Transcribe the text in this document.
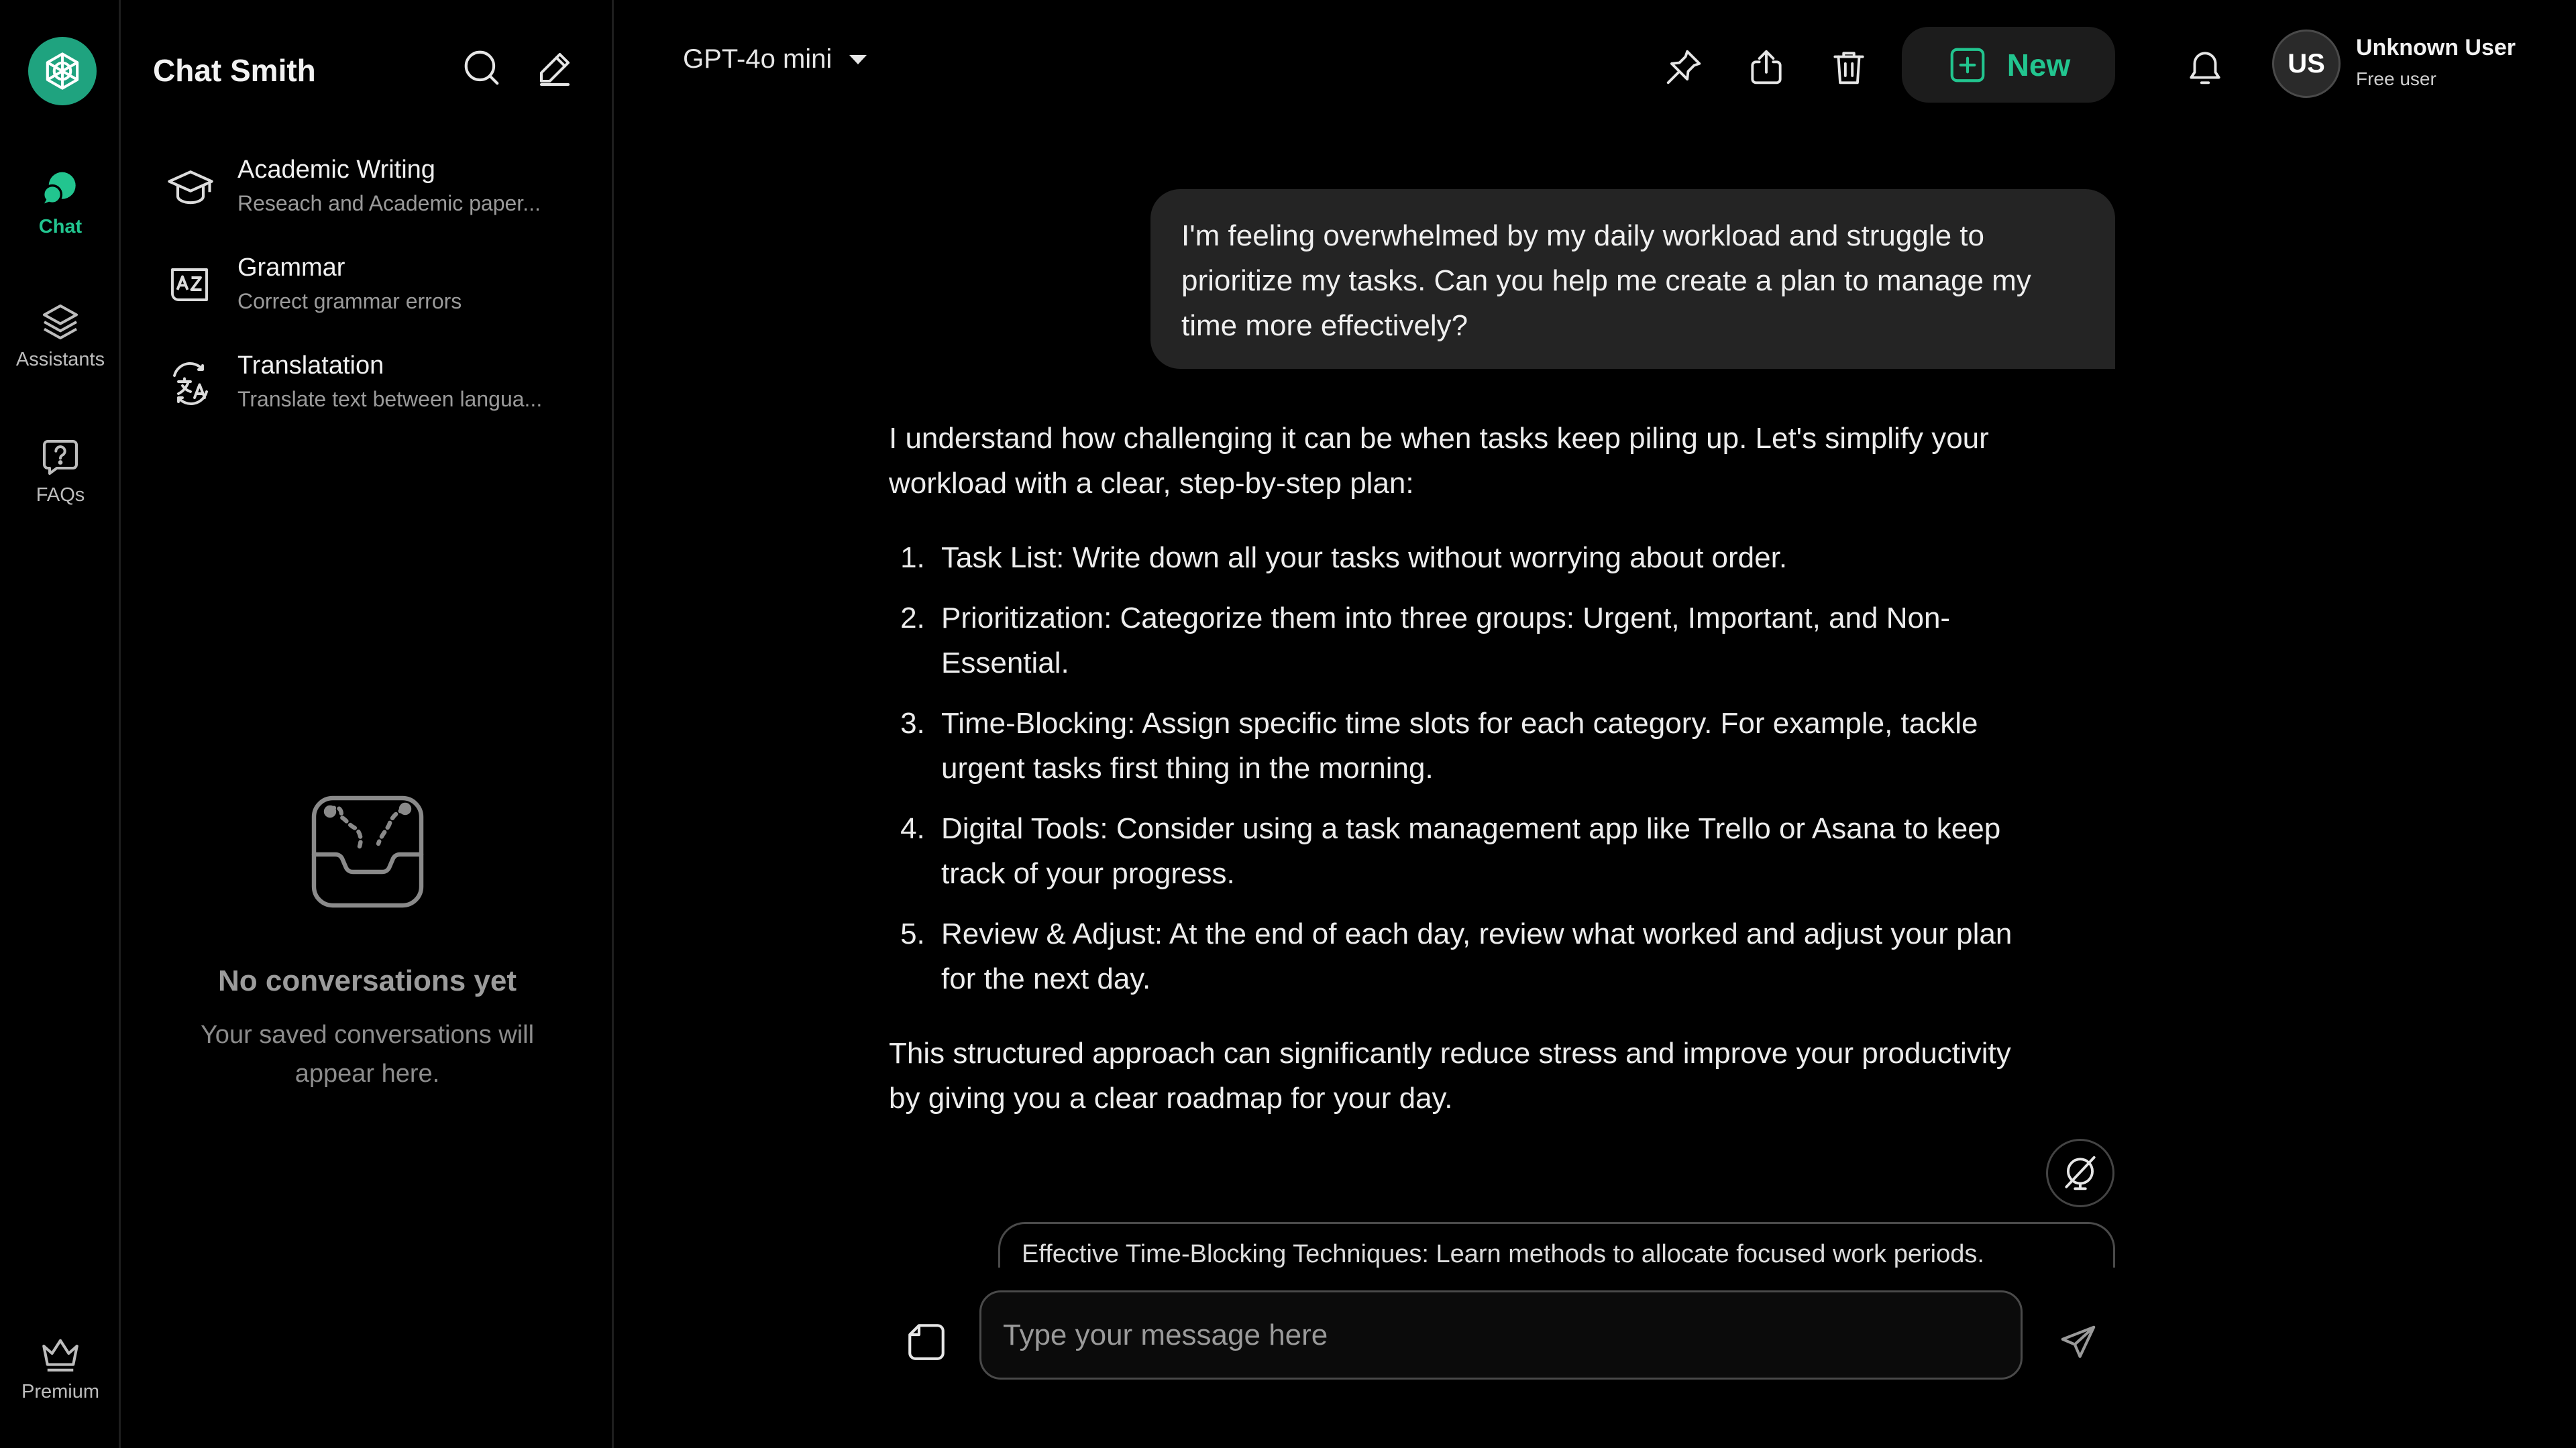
Chat
Assistants
FAQs
Premium
Chat Smith
Academic Writing
Reseach and Academic paper...
Grammar
Correct grammar errors
Translatation
Translate text between langua...
No conversations yet
Your saved conversations will
appear here.
GPT-4o mini	New	US
Unknown User
Free user
I'm feeling overwhelmed by my daily workload and struggle to prioritize my tasks. Can you help me create a plan to manage my time more effectively?

I understand how challenging it can be when tasks keep piling up. Let's simplify your workload with a clear, step-by-step plan:

1. Task List: Write down all your tasks without worrying about order.
2. Prioritization: Categorize them into three groups: Urgent, Important, and Non-Essential.
3. Time-Blocking: Assign specific time slots for each category. For example, tackle urgent tasks first thing in the morning.
4. Digital Tools: Consider using a task management app like Trello or Asana to keep track of your progress.
5. Review & Adjust: At the end of each day, review what worked and adjust your plan for the next day.

This structured approach can significantly reduce stress and improve your productivity by giving you a clear roadmap for your day.

Effective Time-Blocking Techniques: Learn methods to allocate focused work periods.
Type your message here
